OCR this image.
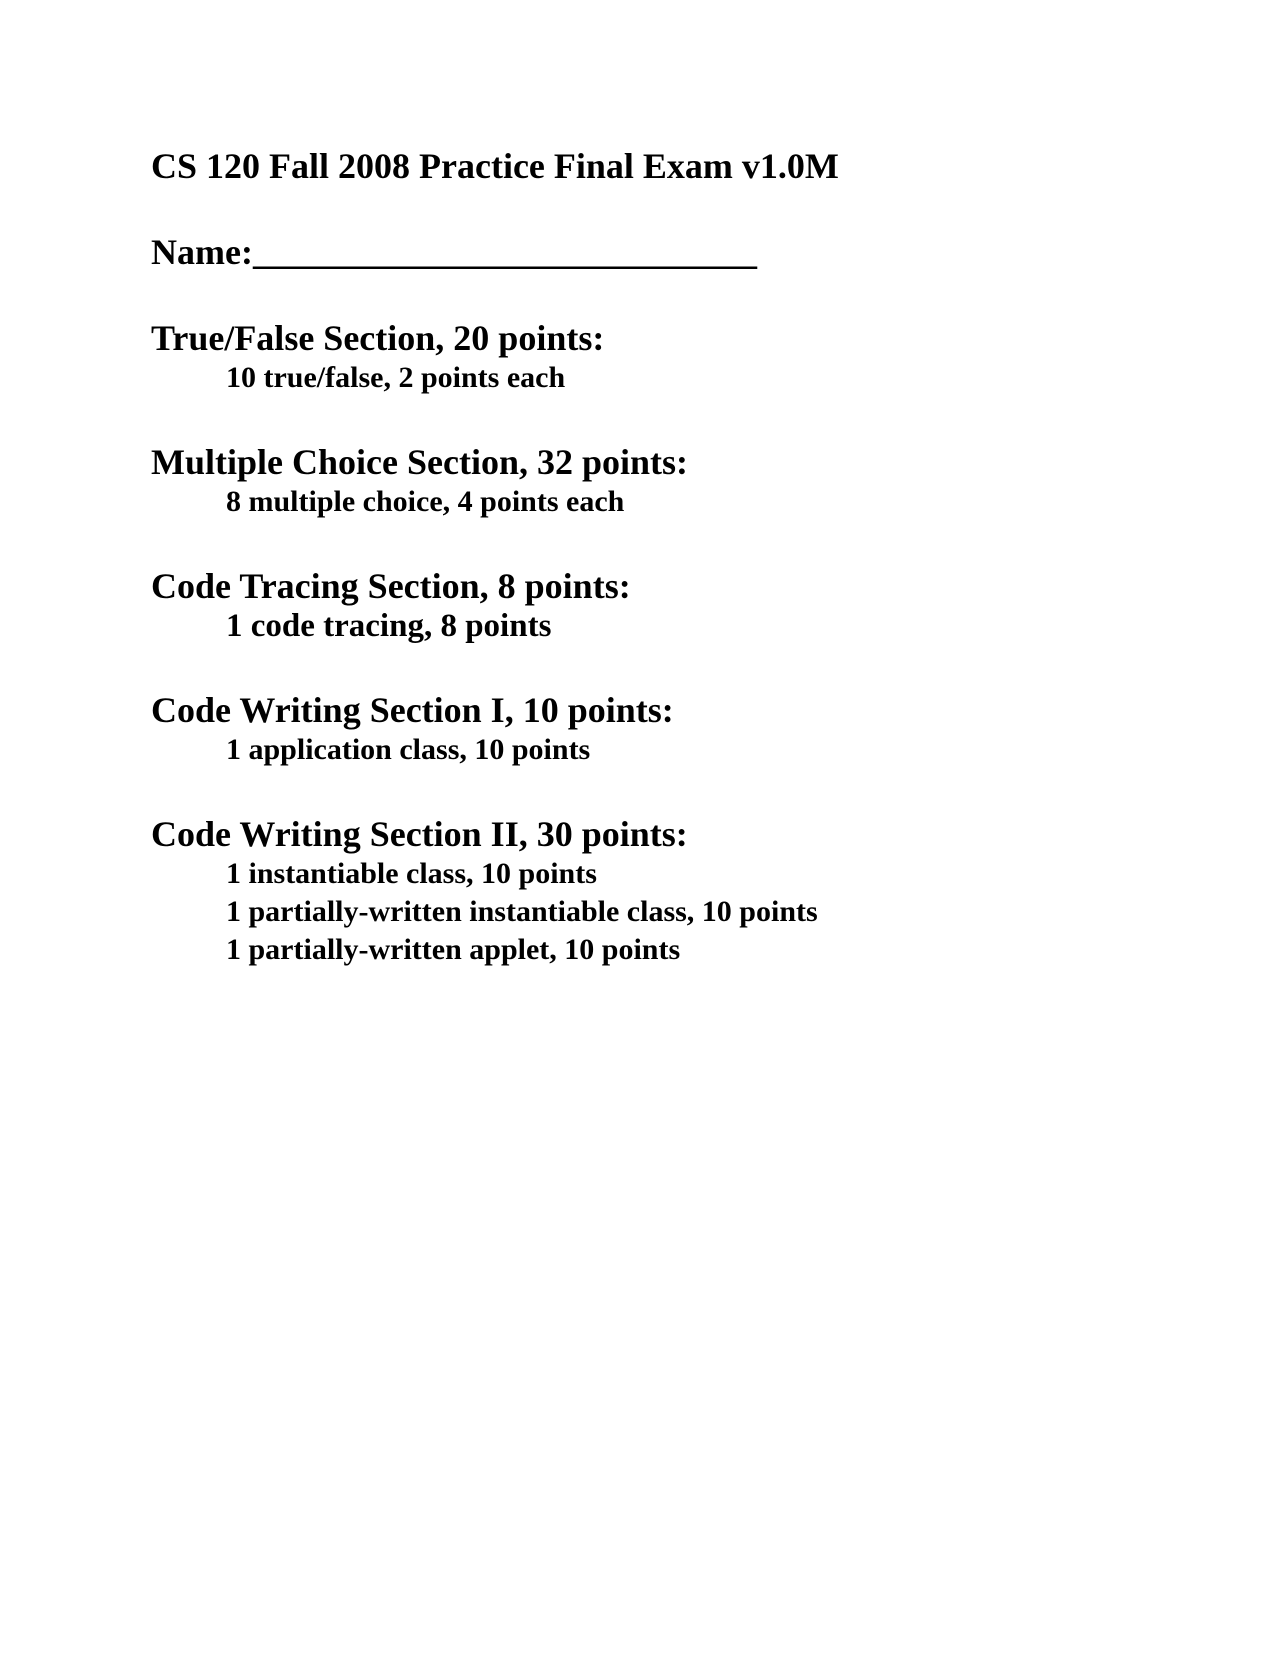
CS 120 Fall 2008 Practice Final Exam v1.0M
Name:____________________________
True/False Section, 20 points:
10 true/false, 2 points each
Multiple Choice Section, 32 points:
8 multiple choice, 4 points each
Code Tracing Section, 8 points:
1 code tracing, 8 points
Code Writing Section I, 10 points:
1 application class, 10 points
Code Writing Section II, 30 points:
1 instantiable class, 10 points
1 partially-written instantiable class, 10 points
1 partially-written applet, 10 points
